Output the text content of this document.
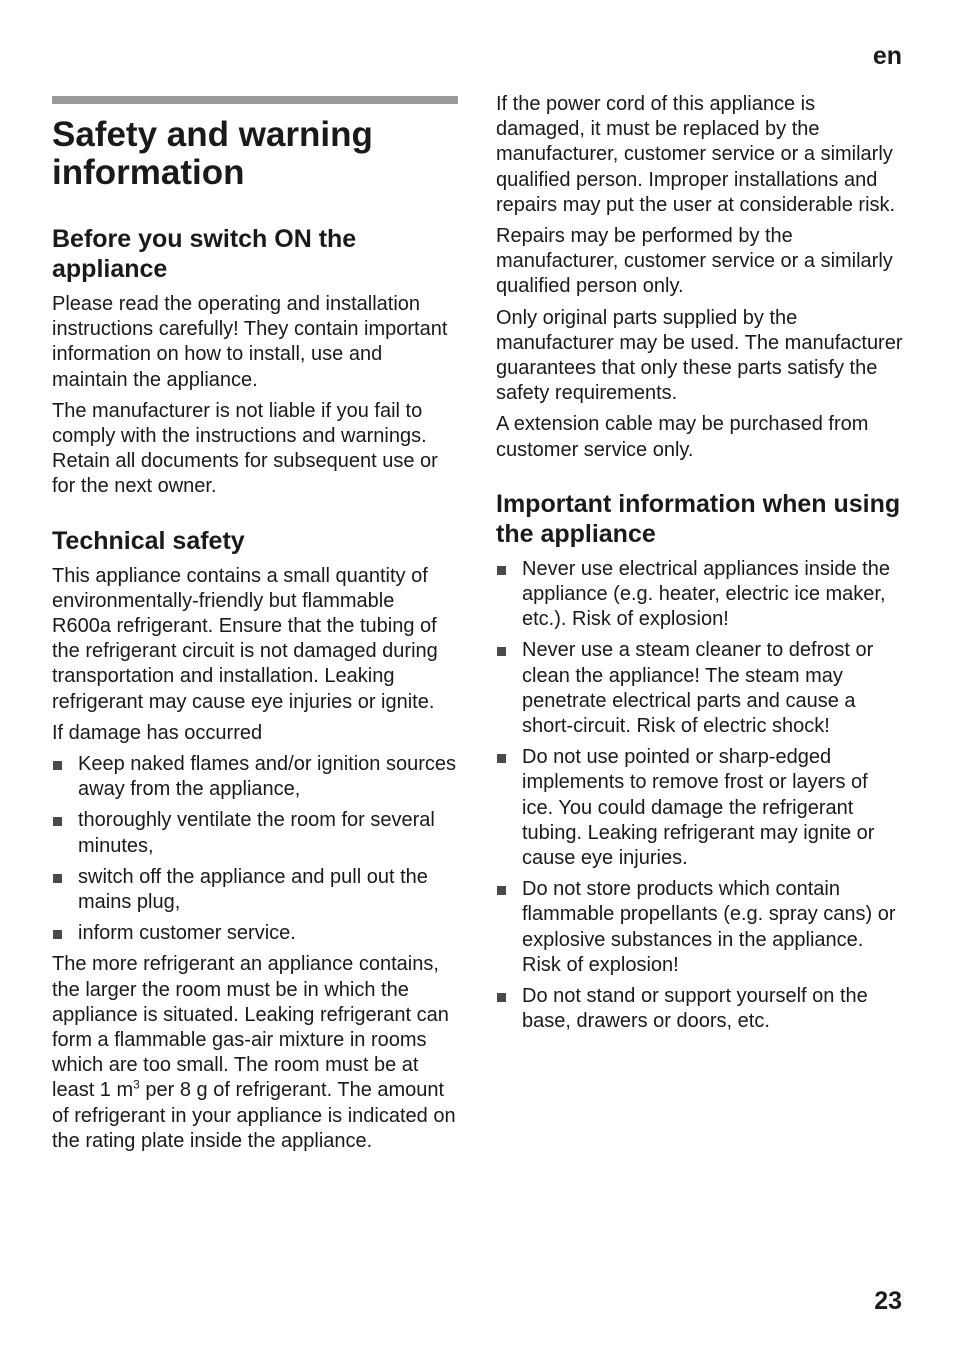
en
Safety and warning information
Before you switch ON the appliance

Please read the operating and installation instructions carefully! They contain important information on how to install, use and maintain the appliance.

The manufacturer is not liable if you fail to comply with the instructions and warnings. Retain all documents for subsequent use or for the next owner.

Technical safety

This appliance contains a small quantity of environmentally-friendly but flammable R600a refrigerant. Ensure that the tubing of the refrigerant circuit is not damaged during transportation and installation. Leaking refrigerant may cause eye injuries or ignite.

If damage has occurred

Keep naked flames and/or ignition sources away from the appliance,
thoroughly ventilate the room for several minutes,
switch off the appliance and pull out the mains plug,
inform customer service.

The more refrigerant an appliance contains, the larger the room must be in which the appliance is situated. Leaking refrigerant can form a flammable gas-air mixture in rooms which are too small. The room must be at least 1 $m^3$ per 8 g of refrigerant. The amount of refrigerant in your appliance is indicated on the rating plate inside the appliance.

If the power cord of this appliance is damaged, it must be replaced by the manufacturer, customer service or a similarly qualified person. Improper installations and repairs may put the user at considerable risk.

Repairs may be performed by the manufacturer, customer service or a similarly qualified person only.

Only original parts supplied by the manufacturer may be used. The manufacturer guarantees that only these parts satisfy the safety requirements.

A extension cable may be purchased from customer service only.

Important information when using the appliance
Never use electrical appliances inside the appliance (e.g. heater, electric ice maker, etc.). Risk of explosion!
Never use a steam cleaner to defrost or clean the appliance! The steam may penetrate electrical parts and cause a short-circuit. Risk of electric shock!
Do not use pointed or sharp-edged implements to remove frost or layers of ice. You could damage the refrigerant tubing. Leaking refrigerant may ignite or cause eye injuries.
Do not store products which contain flammable propellants (e.g. spray cans) or explosive substances in the appliance. Risk of explosion!
Do not stand or support yourself on the base, drawers or doors, etc.
23
